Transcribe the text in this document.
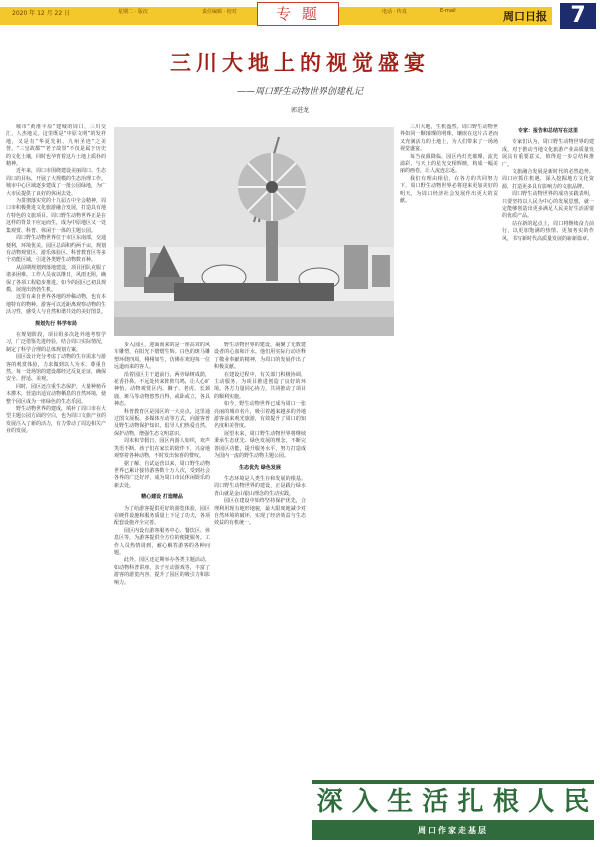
2020 年 12 月 22 日	星期二 · 版次	责任编辑 · 校对	电话 · 传真	E-mail
专 题	周口日报	7
三川大地上的视觉盛宴
——周口野生动物世界创建札记
郭进龙

城市“黄淮平原”建城的周口，三川交汇，人杰地灵。这里既是“中原文明”的发祥地，又是有“华夏先祖、九州圣迹”之美誉。“三皇故都”“老子故里”不仅是属于历史的文化土壤，同时也孕育着这片土地上质朴的精神。

近年来，周口市围绕建设美丽周口、生态周口的目标，开展了大规模的生态治理工作。城市中心区域逐步建成了一批公园绿地，为广大市民提供了良好的休闲去处。

为贯彻落实党的十九届五中全会精神，周口市积极推进文化旅游融合发展，打造具有地方特色的文旅项目。周口野生动物世界正是在这样的背景下应运而生，成为中原地区又一处集观赏、科普、休闲于一体的主题公园。

周口野生动物世界位于市区东南部，交通便利，环境优美。园区总面积约两千亩，规划有动物观赏区、游乐体验区、科普教育区等多个功能区域，引进各类野生动物数百种。

从前期规划到落地建设，项目团队克服了诸多困难。工作人员夜以继日，风雨无阻，确保了各项工程稳步推进。如今的园区已初具规模，展现出勃勃生机。

这里有来自世界各地的珍稀动物，也有本地特有的物种。游客可以近距离观察动物的生活习性，感受人与自然和谐共处的美好图景。

规划先行 科学布局

在规划阶段，项目组多次赴外地考察学习，广泛借鉴先进经验，结合周口实际情况，制定了科学合理的总体规划方案。

园区设计充分考虑了动物的生存需求与游客的观赏体验，力求做到以人为本、尊重自然。每一处场馆的建设都经过反复论证，确保安全、舒适、美观。

同时，园区还注重生态保护，大量种植乔木灌木，营造出适宜动物栖息的自然环境，使整个园区成为一座绿色的生态乐园。

野生动物世界的建成，填补了周口市在大型主题公园方面的空白，也为周口文旅产业的发展注入了新的活力，有力带动了周边相关产业的发展。

步入园区，迎面而来的是一座高耸的风车雕塑，在阳光下熠熠生辉。白色的斑马雕塑环绕四周，栩栩如生，仿佛在欢迎每一位远道而来的客人。

沿着园区主干道前行，两旁绿树成荫，花香扑鼻。不远处传来阵阵鸟鸣，让人心旷神怡。动物观赏区内，狮子、老虎、长颈鹿、斑马等动物悠然自得，或卧或立，各具神态。

科普教育区是园区的一大亮点。这里通过图文展板、多媒体互动等方式，向游客普及野生动物保护知识，倡导人们热爱自然、保护动物，增强生态文明意识。

周末和节假日，园区内游人如织，欢声笑语不断。孩子们在家长的陪伴下，兴奋地观察着各种动物，不时发出惊喜的赞叹。

据了解，自试运营以来，周口野生动物世界已累计接待游客数十万人次，受到社会各界的广泛好评，成为周口市民休闲娱乐的新去处。

精心建设 打造精品

为了给游客提供更好的游览体验，园区在硬件设施和服务质量上下足了功夫，各项配套设施齐全完善。

园区内设有游客服务中心、餐饮区、休息区等，为游客提供全方位的便捷服务。工作人员热情周到，耐心解答游客的各种问题。

此外，园区还定期举办各类主题活动，如动物科普讲座、亲子互动游戏等，丰富了游客的游览内容，提升了园区的吸引力和影响力。

野生动物世界的建设，凝聚了无数建设者的心血和汗水。他们用实际行动诠释了敬业奉献的精神，为周口的发展作出了积极贡献。

在建设过程中，有关部门积极协调，主动服务，为项目推进创造了良好的环境。各方力量同心协力，共同推动了项目的顺利实施。

如今，野生动物世界已成为周口一张亮丽的城市名片，吸引着越来越多的外地游客前来观光旅游，有效提升了周口的知名度和美誉度。

展望未来，周口野生动物世界将继续秉承生态优先、绿色发展的理念，不断完善园区功能，提升服务水平，努力打造成为国内一流的野生动物主题公园。

生态优先 绿色发展

生态环境是人类生存和发展的根基。周口野生动物世界的建设，正是践行绿水青山就是金山银山理念的生动实践。

园区在建设中始终坚持保护优先，合理利用现有地形地貌，最大限度地减少对自然环境的破坏，实现了经济效益与生态效益的有机统一。

三川大地，生机盎然。周口野生动物世界如同一颗璀璨的明珠，镶嵌在这片古老而又充满活力的土地上，为人们带来了一场场视觉盛宴。

每当夜幕降临，园区内灯光璀璨，流光溢彩，与天上的星光交相辉映，构成一幅美丽的画卷，让人流连忘返。

我们有理由相信，在各方的共同努力下，周口野生动物世界必将迎来更加美好的明天，为周口经济社会发展作出更大的贡献。

专家：报告和总结写在这里

专家们认为，周口野生动物世界的建成，对于推动当地文化旅游产业高质量发展具有重要意义，值得进一步总结和推广。

文旅融合发展是新时代的必然趋势。周口应抓住机遇，深入挖掘地方文化资源，打造更多具有影响力的文旅品牌。

周口野生动物世界的成功实践表明，只要坚持以人民为中心的发展思想，就一定能够创造出更多满足人民美好生活需要的优质产品。

站在新的起点上，周口将继续奋力前行，以更加饱满的热情、更加务实的作风，书写新时代高质量发展的崭新篇章。

深 入 生 活 扎 根 人 民
周口作家走基层
